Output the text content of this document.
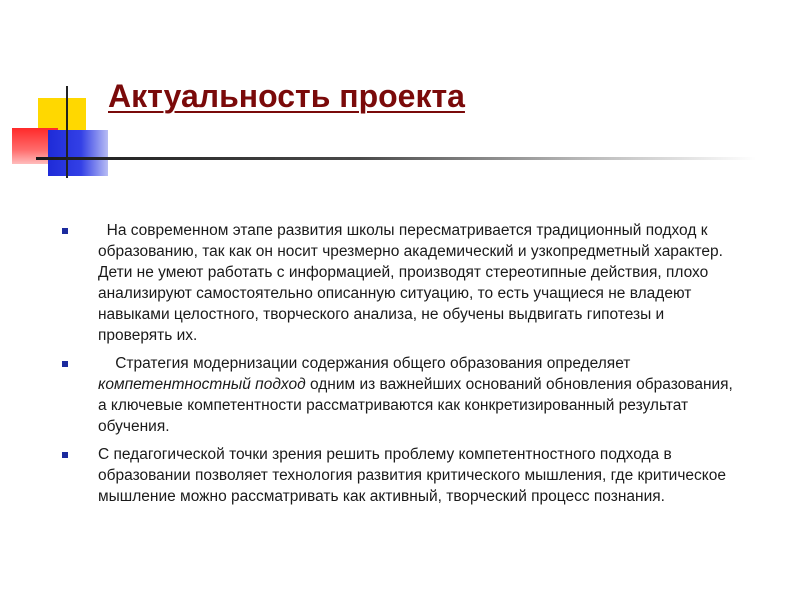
Актуальность проекта
На современном этапе развития школы пересматривается традиционный подход к образованию, так как он носит чрезмерно академический и узкопредметный характер.  Дети не умеют работать с информацией, производят стереотипные действия, плохо анализируют самостоятельно описанную ситуацию, то есть учащиеся не владеют навыками целостного, творческого анализа, не обучены выдвигать гипотезы и проверять их.
Стратегия модернизации содержания общего образования определяет компетентностный подход одним из важнейших оснований обновления образования, а ключевые компетентности рассматриваются как конкретизированный результат обучения.
С педагогической точки зрения решить проблему компетентностного подхода в образовании позволяет технология развития критического мышления, где критическое мышление можно рассматривать как активный, творческий процесс познания.
